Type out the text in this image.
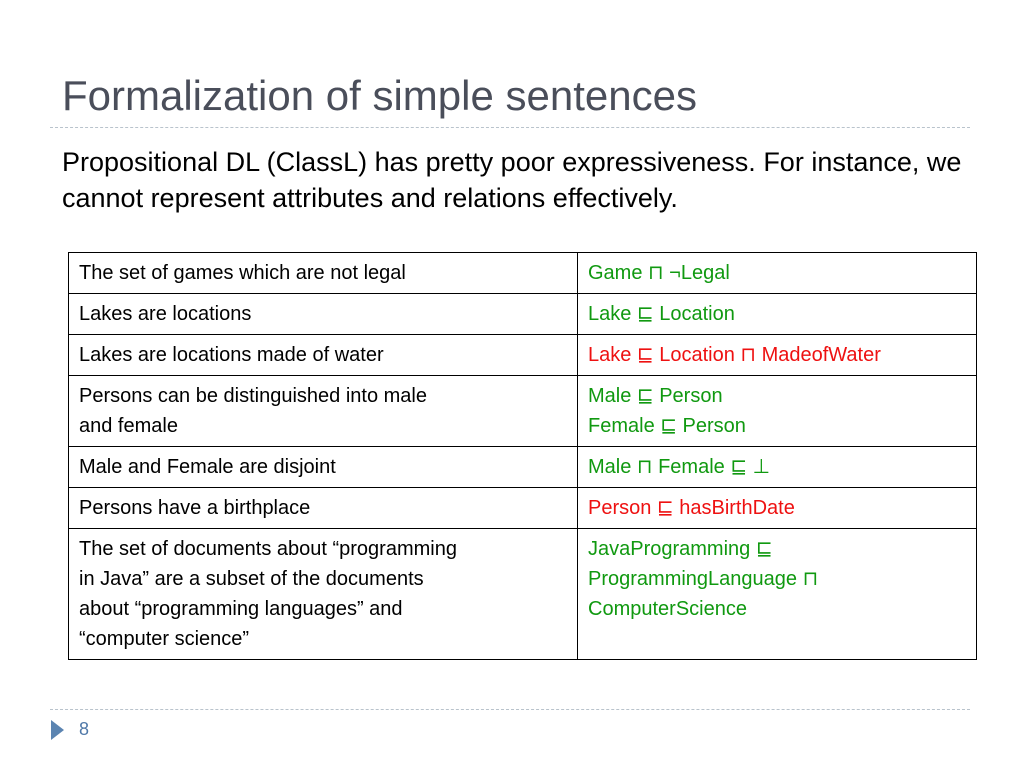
Formalization of simple sentences
Propositional DL (ClassL) has pretty poor expressiveness. For instance, we cannot represent attributes and relations effectively.
The set of games which are not legal	Game ⊓ ¬Legal

Lakes are locations	Lake ⊑ Location

Lakes are locations made of water	Lake ⊑ Location ⊓ MadeofWater

Persons can be distinguished into male
and female	Male ⊑ Person
Female ⊑ Person

Male and Female are disjoint	Male ⊓ Female ⊑ ⊥

Persons have a birthplace	Person ⊑ hasBirthDate

The set of documents about “programming
in Java” are a subset of the documents
about “programming languages” and
“computer science”	JavaProgramming ⊑
ProgrammingLanguage ⊓
ComputerScience
8
